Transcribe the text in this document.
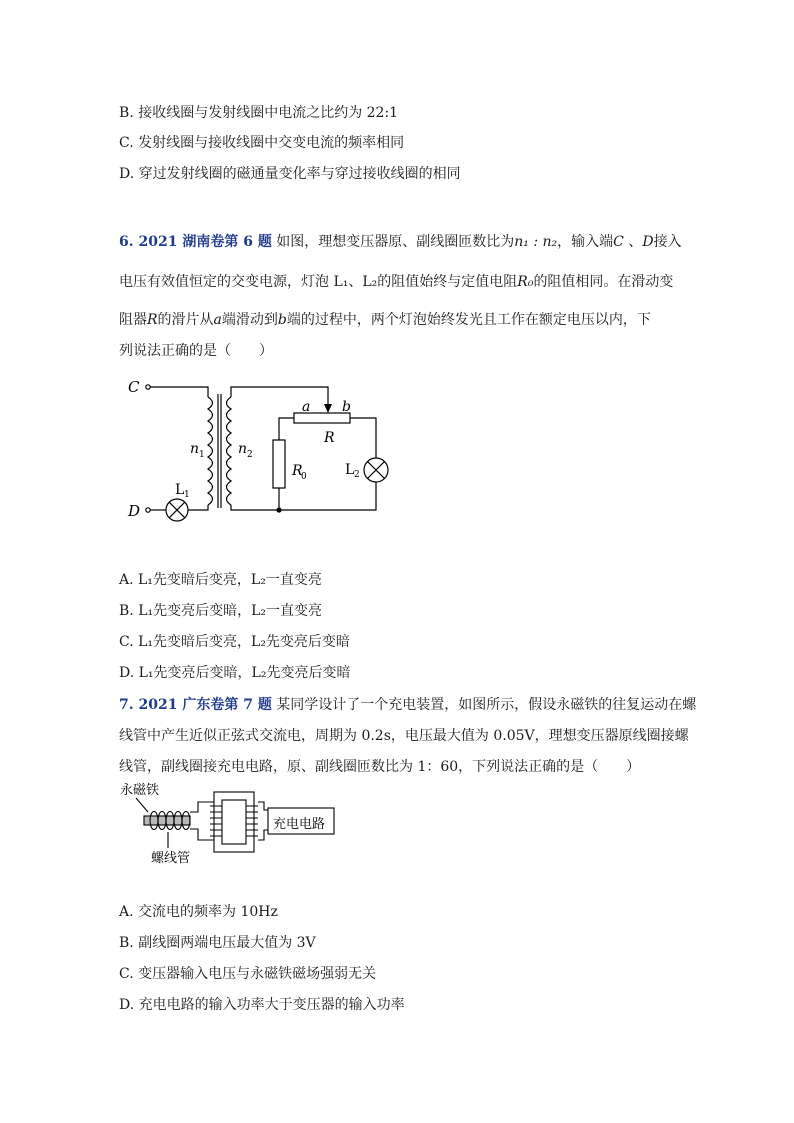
B. 接收线圈与发射线圈中电流之比约为 22:1
C. 发射线圈与接收线圈中交变电流的频率相同
D. 穿过发射线圈的磁通量变化率与穿过接收线圈的相同
6. 2021 湖南卷第 6 题 如图，理想变压器原、副线圈匝数比为n₁ : n₂，输入端C 、D接入
电压有效值恒定的交变电源，灯泡 L₁、L₂的阻值始终与定值电阻R₀的阻值相同。在滑动变
阻器R的滑片从a端滑动到b端的过程中，两个灯泡始终发光且工作在额定电压以内，下
列说法正确的是（　　）
C
D
n	n
R
R
a b
1	2
0
1
2
L
L
A. L₁先变暗后变亮，L₂一直变亮
B. L₁先变亮后变暗，L₂一直变亮
C. L₁先变暗后变亮，L₂先变亮后变暗
D. L₁先变亮后变暗，L₂先变亮后变暗
7. 2021 广东卷第 7 题 某同学设计了一个充电装置，如图所示，假设永磁铁的往复运动在螺
线管中产生近似正弦式交流电，周期为 0.2s，电压最大值为 0.05V，理想变压器原线圈接螺
线管，副线圈接充电电路，原、副线圈匝数比为 1：60，下列说法正确的是（　　）
永磁铁
螺线管
充电电路
A. 交流电的频率为 10Hz
B. 副线圈两端电压最大值为 3V
C. 变压器输入电压与永磁铁磁场强弱无关
D. 充电电路的输入功率大于变压器的输入功率
